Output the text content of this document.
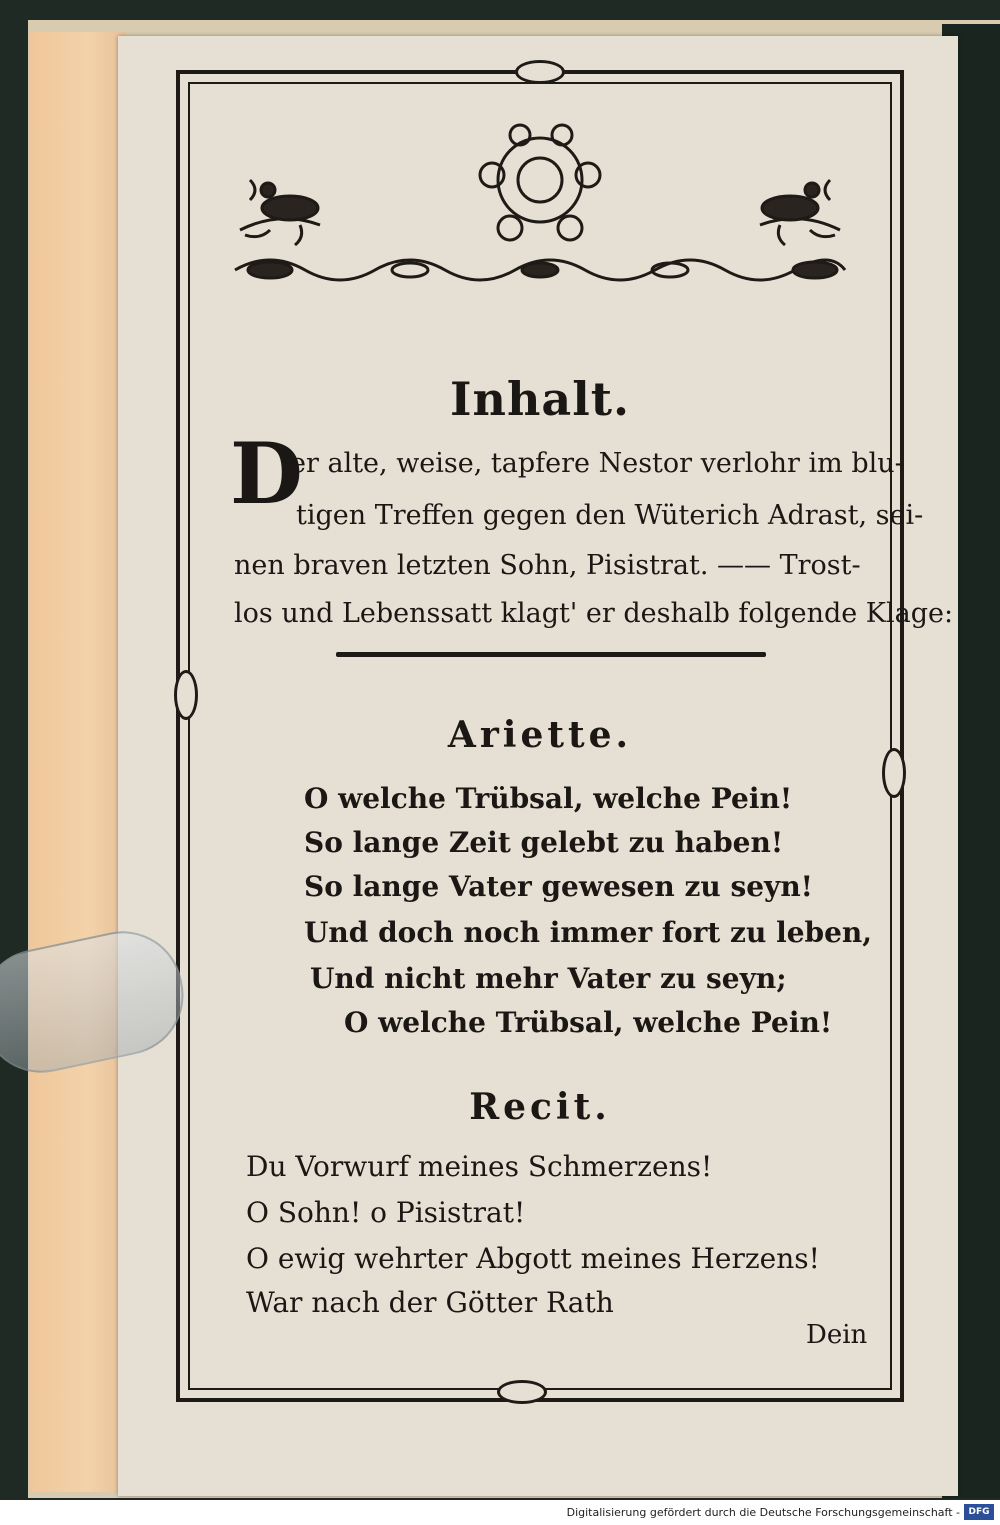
Inhalt.
D
er alte, weise, tapfere Nestor verlohr im blu-
tigen Treffen gegen den Wüterich Adrast, sei-
nen braven letzten Sohn, Pisistrat. —— Trost-
los und Lebenssatt klagt' er deshalb folgende Klage:
Ariette.
O welche Trübsal, welche Pein!
So lange Zeit gelebt zu haben!
So lange Vater gewesen zu seyn!
Und doch noch immer fort zu leben,
Und nicht mehr Vater zu seyn;
O welche Trübsal, welche Pein!
Recit.
Du Vorwurf meines Schmerzens!
O Sohn! o Pisistrat!
O ewig wehrter Abgott meines Herzens!
War nach der Götter Rath
Dein
Digitalisierung gefördert durch die Deutsche Forschungsgemeinschaft - DFG
